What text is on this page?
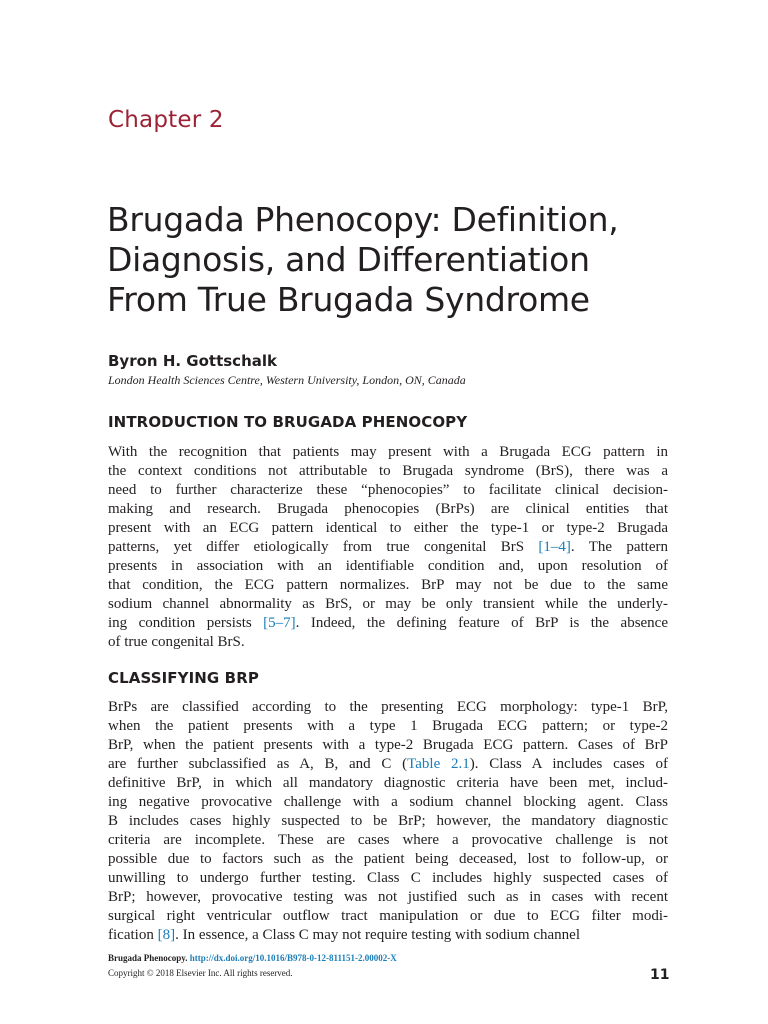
Chapter 2
Brugada Phenocopy: Definition,
Diagnosis, and Differentiation
From True Brugada Syndrome
Byron H. Gottschalk
London Health Sciences Centre, Western University, London, ON, Canada
INTRODUCTION TO BRUGADA PHENOCOPY
With the recognition that patients may present with a Brugada ECG pattern in
the context conditions not attributable to Brugada syndrome (BrS), there was a
need to further characterize these “phenocopies” to facilitate clinical decision-
making and research. Brugada phenocopies (BrPs) are clinical entities that
present with an ECG pattern identical to either the type-1 or type-2 Brugada
patterns, yet differ etiologically from true congenital BrS [1–4]. The pattern
presents in association with an identifiable condition and, upon resolution of
that condition, the ECG pattern normalizes. BrP may not be due to the same
sodium channel abnormality as BrS, or may be only transient while the underly-
ing condition persists [5–7]. Indeed, the defining feature of BrP is the absence
of true congenital BrS.
CLASSIFYING BRP
BrPs are classified according to the presenting ECG morphology: type-1 BrP,
when the patient presents with a type 1 Brugada ECG pattern; or type-2
BrP, when the patient presents with a type-2 Brugada ECG pattern. Cases of BrP
are further subclassified as A, B, and C (Table 2.1). Class A includes cases of
definitive BrP, in which all mandatory diagnostic criteria have been met, includ-
ing negative provocative challenge with a sodium channel blocking agent. Class
B includes cases highly suspected to be BrP; however, the mandatory diagnostic
criteria are incomplete. These are cases where a provocative challenge is not
possible due to factors such as the patient being deceased, lost to follow-up, or
unwilling to undergo further testing. Class C includes highly suspected cases of
BrP; however, provocative testing was not justified such as in cases with recent
surgical right ventricular outflow tract manipulation or due to ECG filter modi-
fication [8]. In essence, a Class C may not require testing with sodium channel
Brugada Phenocopy. http://dx.doi.org/10.1016/B978-0-12-811151-2.00002-X
Copyright © 2018 Elsevier Inc. All rights reserved.	11
